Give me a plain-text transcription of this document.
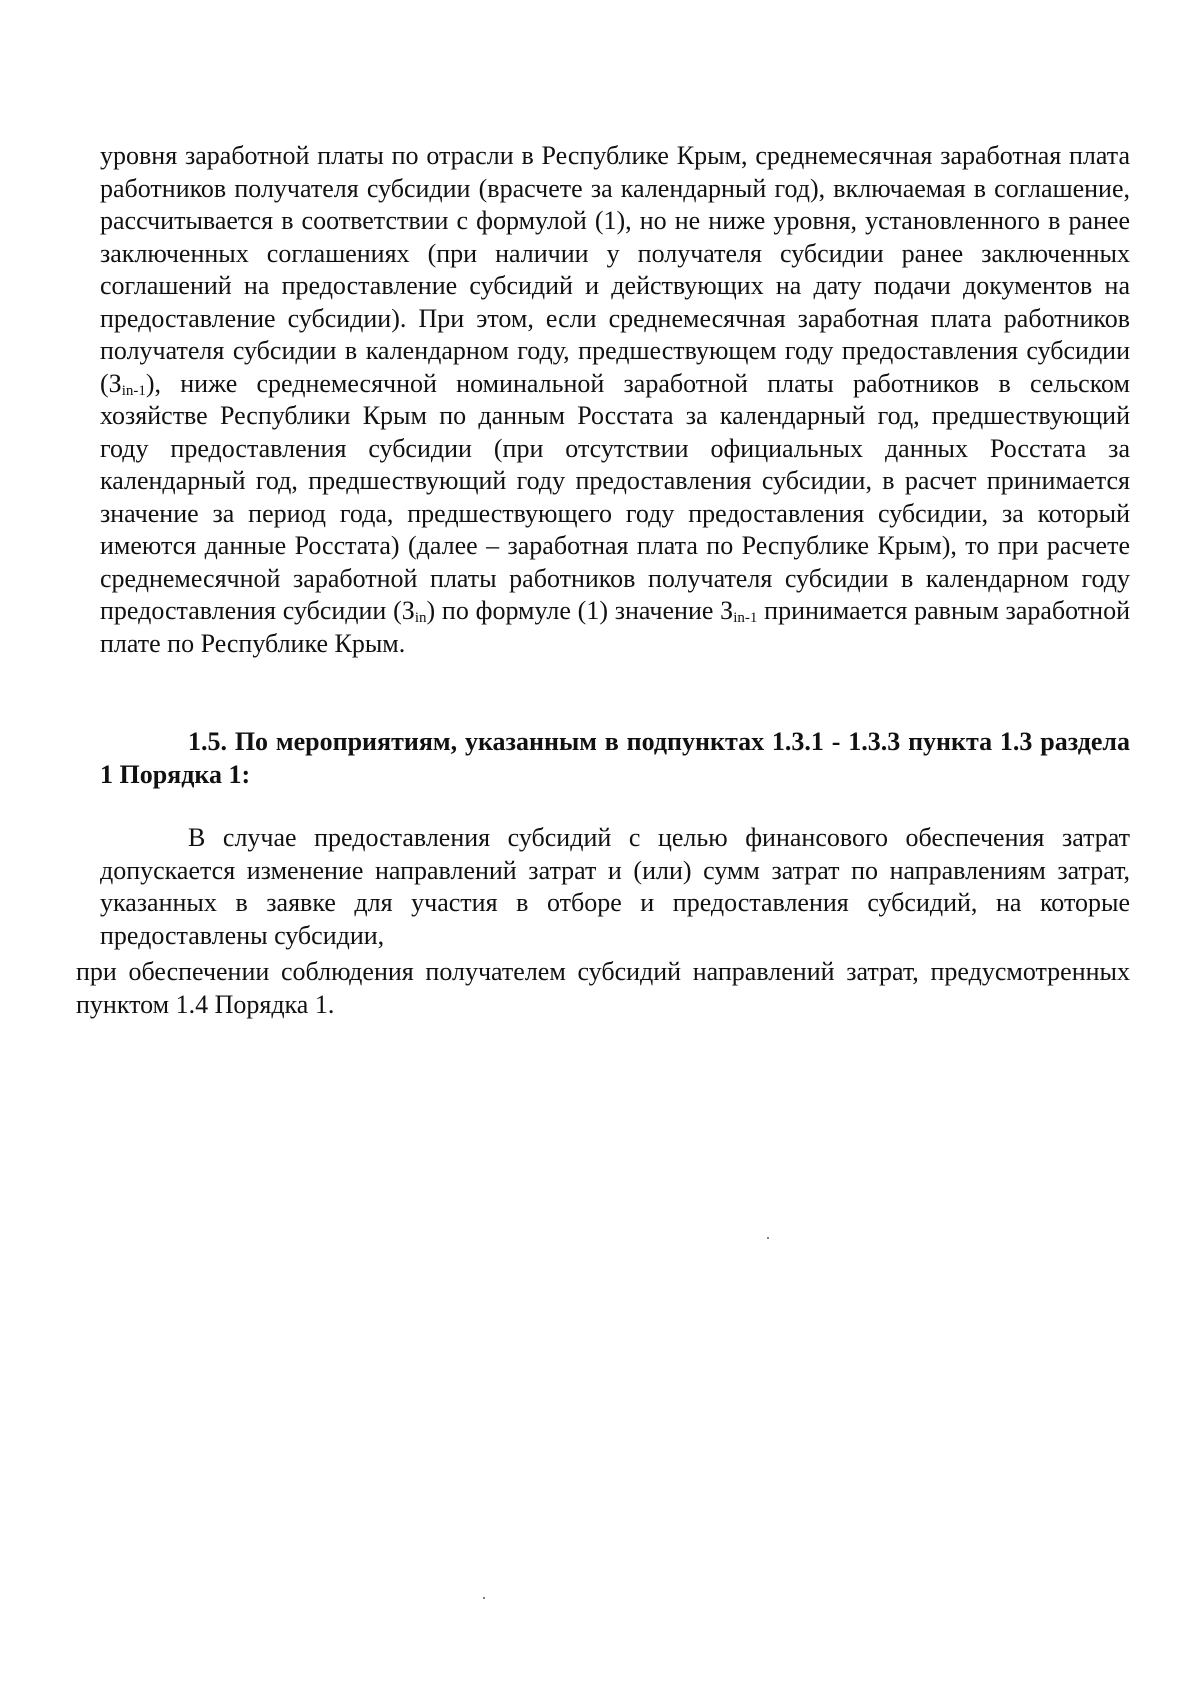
уровня заработной платы по отрасли в Республике Крым, среднемесячная заработная плата работников получателя субсидии (врасчете за календарный год), включаемая в соглашение, рассчитывается в соответствии с формулой (1), но не ниже уровня, установленного в ранее заключенных соглашениях (при наличии у получателя субсидии ранее заключенных соглашений на предоставление субсидий и действующих на дату подачи документов на предоставление субсидии). При этом, если среднемесячная заработная плата работников получателя субсидии в календарном году, предшествующем году предоставления субсидии $(З_{in-1})$, ниже среднемесячной номинальной заработной платы работников в сельском хозяйстве Республики Крым по данным Росстата за календарный год, предшествующий году предоставления субсидии (при отсутствии официальных данных Росстата за календарный год, предшествующий году предоставления субсидии, в расчет принимается значение за период года, предшествующего году предоставления субсидии, за который имеются данные Росстата) (далее – заработная плата по Республике Крым), то при расчете среднемесячной заработной платы работников получателя субсидии в календарном году предоставления субсидии $(З_{in})$ по формуле (1) значение $З_{in-1}$ принимается равным заработной плате по Республике Крым.
1.5. По мероприятиям, указанным в подпунктах 1.3.1 - 1.3.3 пункта 1.3 раздела 1 Порядка 1:
В случае предоставления субсидий с целью финансового обеспечения затрат допускается изменение направлений затрат и (или) сумм затрат по направлениям затрат, указанных в заявке для участия в отборе и предоставления субсидий, на которые предоставлены субсидии,
при обеспечении соблюдения получателем субсидий направлений затрат, предусмотренных пунктом 1.4 Порядка 1.
